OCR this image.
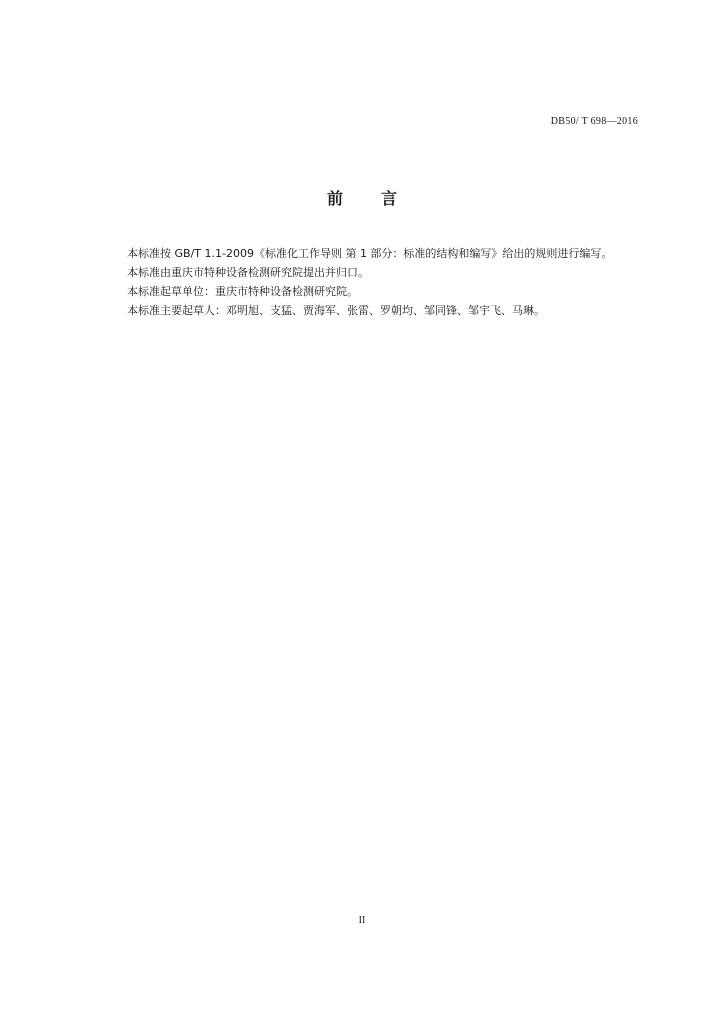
DB50/ T 698—2016
前 言

本标准按 GB/T 1.1-2009《标准化工作导则 第 1 部分：标准的结构和编写》给出的规则进行编写。

本标准由重庆市特种设备检测研究院提出并归口。

本标准起草单位：重庆市特种设备检测研究院。

本标准主要起草人：邓明旭、支猛、贾海军、张雷、罗朝均、邹同锋、邹宇飞、马琳。

II
